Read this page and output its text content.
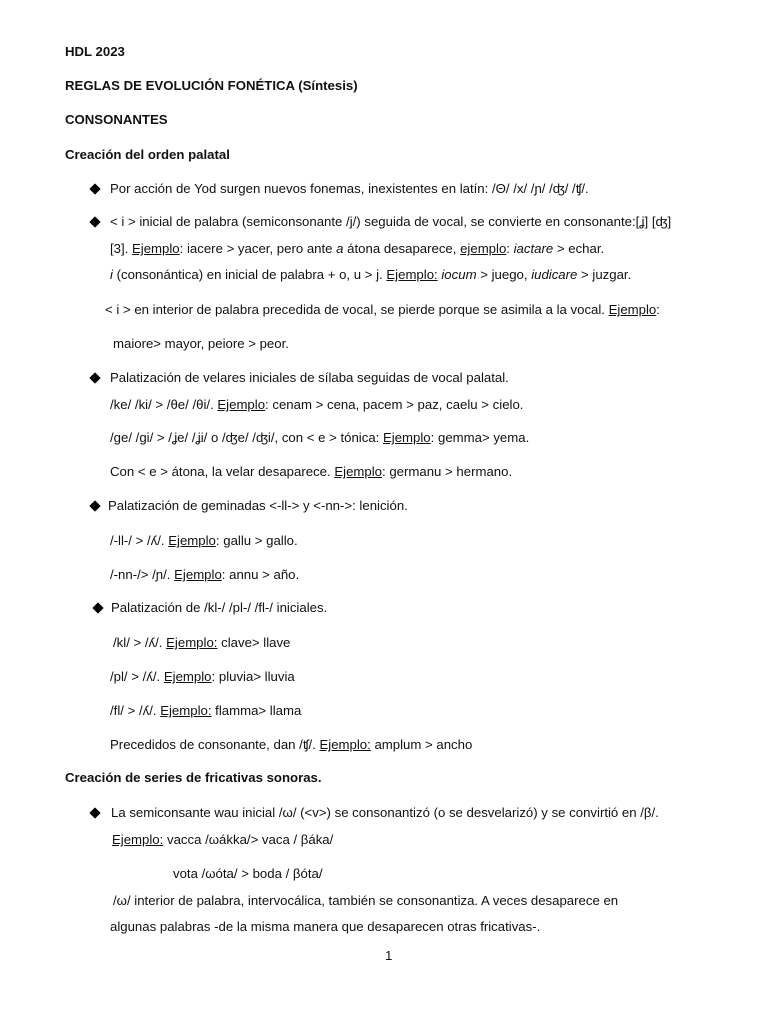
HDL 2023
REGLAS DE EVOLUCIÓN FONÉTICA (Síntesis)
CONSONANTES
Creación del orden palatal
Por acción de Yod surgen nuevos fonemas, inexistentes en latín: /Θ/ /x/ /ɲ/ /ʤ/ /ʧ/.
< i > inicial de palabra (semiconsonante /j/) seguida de vocal, se convierte en consonante:[ʝ] [ʤ]
[3]. Ejemplo: iacere > yacer, pero ante a átona desaparece, ejemplo: iactare > echar.
i (consonántica) en inicial de palabra + o, u > j. Ejemplo: iocum > juego, iudicare > juzgar.
< i > en interior de palabra precedida de vocal, se pierde porque se asimila a la vocal. Ejemplo:
maiore> mayor, peiore > peor.
Palatización de velares iniciales de sílaba seguidas de vocal palatal.
/ke/ /ki/ > /θe/ /θi/. Ejemplo: cenam > cena, pacem > paz, caelu > cielo.
/ge/ /gi/ > /ʝe/ /ʝi/ o /ʤe/ /ʤi/, con < e > tónica: Ejemplo: gemma> yema.
Con < e > átona, la velar desaparece. Ejemplo: germanu > hermano.
Palatización de geminadas <-ll-> y <-nn->: lenición.
/-ll-/ > /ʎ/. Ejemplo: gallu > gallo.
/-nn-/> /ɲ/. Ejemplo: annu > año.
Palatización de /kl-/ /pl-/ /fl-/ iniciales.
/kl/ > /ʎ/. Ejemplo: clave> llave
/pl/ > /ʎ/. Ejemplo: pluvia> lluvia
/fl/ > /ʎ/. Ejemplo: flamma> llama
Precedidos de consonante, dan /ʧ/. Ejemplo: amplum > ancho
Creación de series de fricativas sonoras.
La semiconsante wau inicial /ω/ (<v>) se consonantizó (o se desvelarizó) y se convirtió en /β/.
Ejemplo: vacca /ωákka/> vaca / βáka/
vota /ωóta/ > boda / βóta/
/ω/ interior de palabra, intervocálica, también se consonantiza. A veces desaparece en
algunas palabras -de la misma manera que desaparecen otras fricativas-.
1
